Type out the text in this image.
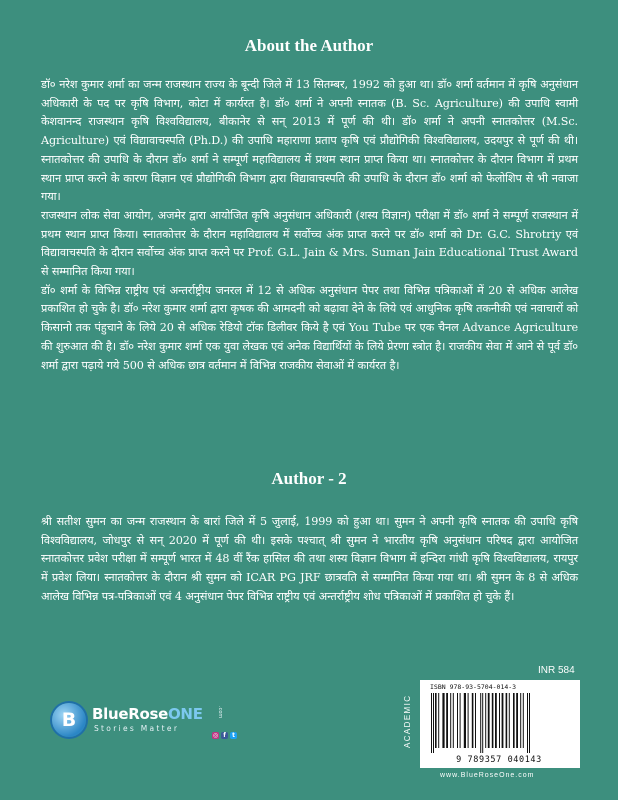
About the Author

डॉ० नरेश कुमार शर्मा का जन्म राजस्थान राज्य के बून्दी जिले में 13 सितम्बर, 1992 को हुआ था। डॉ० शर्मा वर्तमान में कृषि अनुसंधान अधिकारी के पद पर कृषि विभाग, कोटा में कार्यरत है। डॉ० शर्मा ने अपनी स्नातक (B. Sc. Agriculture) की उपाधि स्वामी केशवानन्द राजस्थान कृषि विश्वविद्यालय, बीकानेर से सन् 2013 में पूर्ण की थी। डॉ० शर्मा ने अपनी स्नातकोत्तर (M.Sc. Agriculture) एवं विद्यावाचस्पति (Ph.D.) की उपाधि महाराणा प्रताप कृषि एवं प्रौद्योगिकी विश्वविद्यालय, उदयपुर से पूर्ण की थी। स्नातकोत्तर की उपाधि के दौरान डॉ० शर्मा ने सम्पूर्ण महाविद्यालय में प्रथम स्थान प्राप्त किया था। स्नातकोत्तर के दौरान विभाग में प्रथम स्थान प्राप्त करने के कारण विज्ञान एवं प्रौद्योगिकी विभाग द्वारा विद्यावाचस्पति की उपाधि के दौरान डॉ० शर्मा को फेलोशिप से भी नवाजा गया।

राजस्थान लोक सेवा आयोग, अजमेर द्वारा आयोजित कृषि अनुसंधान अधिकारी (शस्य विज्ञान) परीक्षा में डॉ० शर्मा ने सम्पूर्ण राजस्थान में प्रथम स्थान प्राप्त किया। स्नातकोत्तर के दौरान महाविद्यालय में सर्वोच्च अंक प्राप्त करने पर डॉ० शर्मा को Dr. G.C. Shrotriy एवं विद्यावाचस्पति के दौरान सर्वोच्च अंक प्राप्त करने पर Prof. G.L. Jain & Mrs. Suman Jain Educational Trust Award से सम्मानित किया गया।

डॉ० शर्मा के विभिन्न राष्ट्रीय एवं अन्तर्राष्ट्रीय जनरल में 12 से अधिक अनुसंधान पेपर तथा विभिन्न पत्रिकाओं में 20 से अधिक आलेख प्रकाशित हो चुके है। डॉ० नरेश कुमार शर्मा द्वारा कृषक की आमदनी को बढ़ावा देने के लिये एवं आधुनिक कृषि तकनीकी एवं नवाचारों को किसानो तक पंहुचाने के लिये 20 से अधिक रेडियो टॉक डिलीवर किये है एवं You Tube पर एक चैनल Advance Agriculture की शुरुआत की है। डॉ० नरेश कुमार शर्मा एक युवा लेखक एवं अनेक विद्यार्थियों के लिये प्रेरणा स्त्रोत है। राजकीय सेवा में आने से पूर्व डॉ० शर्मा द्वारा पढ़ाये गये 500 से अधिक छात्र वर्तमान में विभिन्न राजकीय सेवाओं में कार्यरत है।

Author - 2

श्री सतीश सुमन का जन्म राजस्थान के बारां जिले में 5 जुलाई, 1999 को हुआ था। सुमन ने अपनी कृषि स्नातक की उपाधि कृषि विश्वविद्यालय, जोधपुर से सन् 2020 में पूर्ण की थी। इसके पश्चात् श्री सुमन ने भारतीय कृषि अनुसंधान परिषद द्वारा आयोजित स्नातकोत्तर प्रवेश परीक्षा में सम्पूर्ण भारत में 48 वीं रैंक हासिल की तथा शस्य विज्ञान विभाग में इन्दिरा गांधी कृषि विश्वविद्यालय, रायपुर में प्रवेश लिया। स्नातकोत्तर के दौरान श्री सुमन को ICAR PG JRF छात्रवति से सम्मानित किया गया था। श्री सुमन के 8 से अधिक आलेख विभिन्न पत्र-पत्रिकाओं एवं 4 अनुसंधान पेपर विभिन्न राष्ट्रीय एवं अन्तर्राष्ट्रीय शोध पत्रिकाओं में प्रकाशित हो चुके हैं।

B	BlueRoseONE	.com
Stories Matter
◎ f	t
INR 584
ACADEMIC
ISBN 978-93-5704-014-3
9 789357 040143
www.BlueRoseOne.com
